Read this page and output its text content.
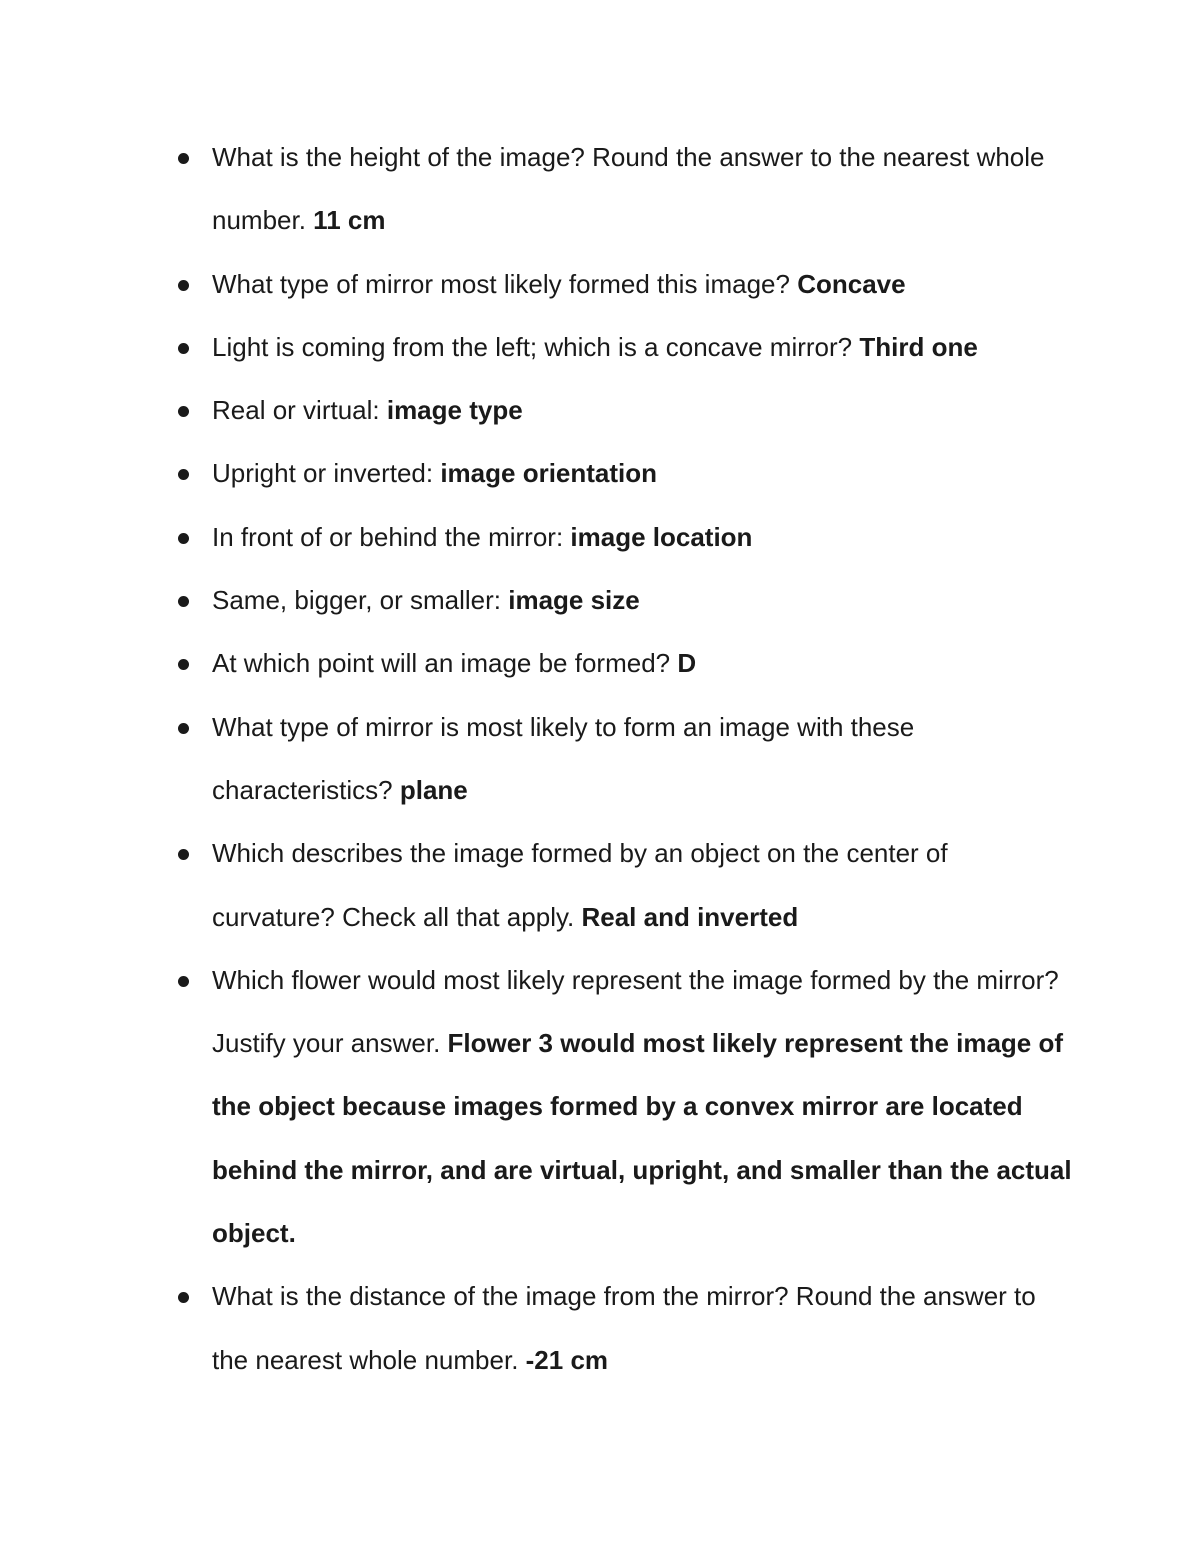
What is the height of the image? Round the answer to the nearest whole number. 11 cm
What type of mirror most likely formed this image? Concave
Light is coming from the left; which is a concave mirror? Third one
Real or virtual: image type
Upright or inverted: image orientation
In front of or behind the mirror: image location
Same, bigger, or smaller: image size
At which point will an image be formed? D
What type of mirror is most likely to form an image with these characteristics? plane
Which describes the image formed by an object on the center of curvature? Check all that apply. Real and inverted
Which flower would most likely represent the image formed by the mirror? Justify your answer. Flower 3 would most likely represent the image of the object because images formed by a convex mirror are located behind the mirror, and are virtual, upright, and smaller than the actual object.
What is the distance of the image from the mirror? Round the answer to the nearest whole number. -21 cm
